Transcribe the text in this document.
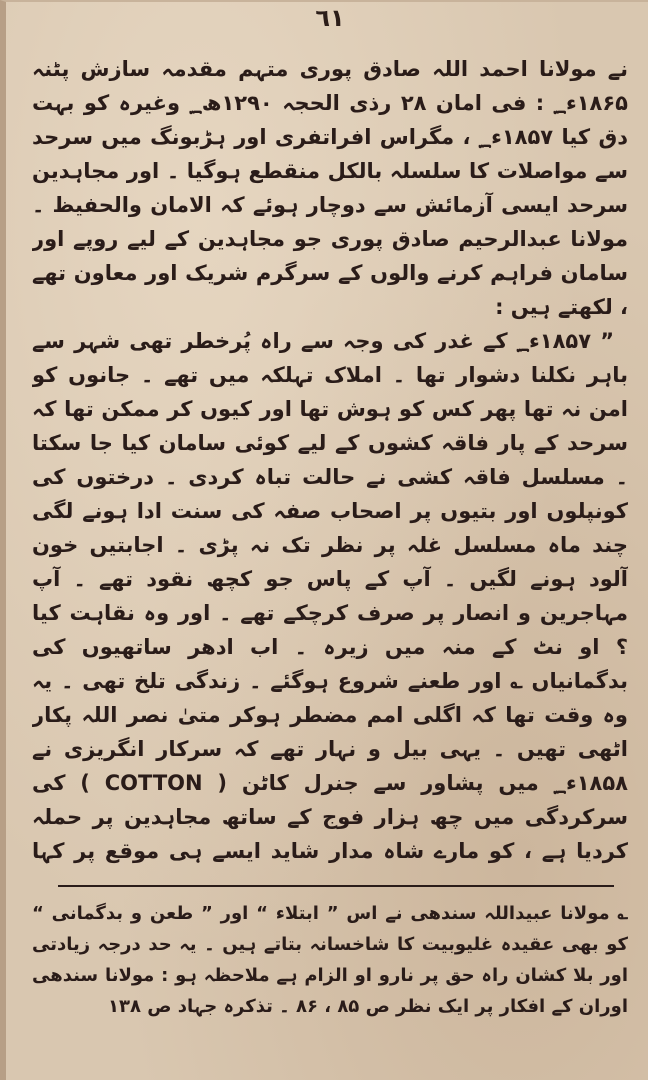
٦١

نے مولانا احمد اللہ صادق پوری متہم مقدمہ سازش پٹنہ ۱۸۶۵ء؁ : فی امان ۲۸ رذی الحجہ ۱۲۹۰ھ؁ وغیرہ کو بہت دق کیا ۱۸۵۷ء؁ ، مگراس افراتفری اور ہڑبونگ میں سرحد سے مواصلات کا سلسلہ بالکل منقطع ہوگیا ۔ اور مجاہدین سرحد ایسی آزمائش سے دوچار ہوئے کہ الامان والحفیظ ۔ مولانا عبدالرحیم صادق پوری جو مجاہدین کے لیے روپے اور سامان فراہم کرنے والوں کے سرگرم شریک اور معاون تھے ، لکھتے ہیں :

” ۱۸۵۷ء؁ کے غدر کی وجہ سے راہ پُرخطر تھی شہر سے باہر نکلنا دشوار تھا ۔ املاک تہلکہ میں تھے ۔ جانوں کو امن نہ تھا پھر کس کو ہوش تھا اور کیوں کر ممکن تھا کہ سرحد کے پار فاقہ کشوں کے لیے کوئی سامان کیا جا سکتا ۔ مسلسل فاقہ کشی نے حالت تباہ کردی ۔ درختوں کی کونپلوں اور بتیوں پر اصحاب صفہ کی سنت ادا ہونے لگی چند ماہ مسلسل غلہ پر نظر تک نہ پڑی ۔ اجابتیں خون آلود ہونے لگیں ۔ آپ کے پاس جو کچھ نقود تھے ۔ آپ مہاجرین و انصار پر صرف کرچکے تھے ۔ اور وہ نقاہت کیا ؟ او نٹ کے منہ میں زیرہ ۔ اب ادھر ساتھیوں کی بدگمانیاں ؎ اور طعنے شروع ہوگئے ۔ زندگی تلخ تھی ۔ یہ وہ وقت تھا کہ اگلی امم مضطر ہوکر متیٰ نصر اللہ پکار اٹھی تھیں ۔ یہی بیل و نہار تھے کہ سرکار انگریزی نے ۱۸۵۸ء؁ میں پشاور سے جنرل کاٹن ( COTTON ) کی سرکردگی میں چھ ہزار فوج کے ساتھ مجاہدین پر حملہ کردیا ہے ، کو مارے شاہ مدار شاید ایسے ہی موقع پر کہا

؎ مولانا عبیداللہ سندھی نے اس ” ابتلاء “ اور ” طعن و بدگمانی “ کو بھی عقیدہ غلیوبیت کا شاخسانہ بتاتے ہیں ۔ یہ حد درجہ زیادتی اور بلا کشان راہ حق پر نارو او الزام ہے ملاحظہ ہو : مولانا سندھی اوران کے افکار پر ایک نظر ص ۸۵ ، ۸۶ ۔ تذکرہ جہاد ص ۱۳۸
